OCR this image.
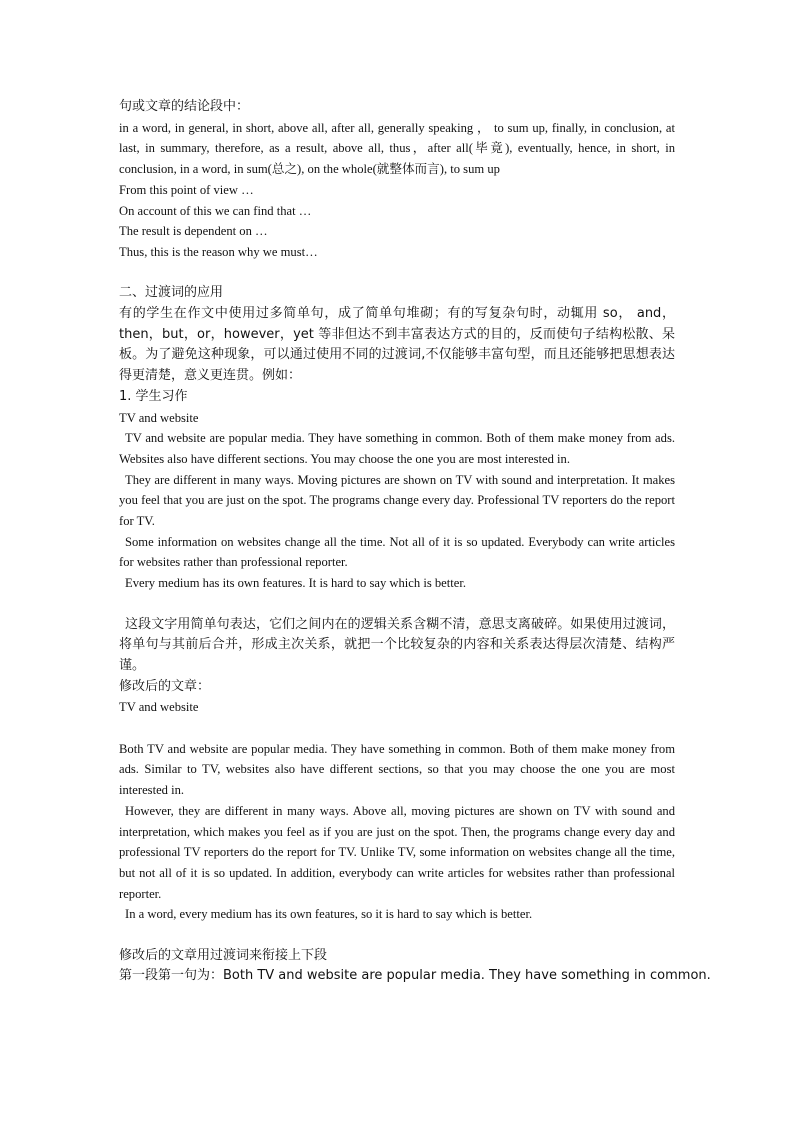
句或文章的结论段中：

in a word, in general, in short, above all, after all, generally speaking ， to sum up, finally, in conclusion, at last, in summary, therefore, as a result, above all, thus，after all(毕竟), eventually, hence, in short, in conclusion, in a word, in sum(总之), on the whole(就整体而言), to sum up

From this point of view …

On account of this we can find that …

The result is dependent on …

Thus, this is the reason why we must…

二、过渡词的应用

有的学生在作文中使用过多简单句，成了简单句堆砌；有的写复杂句时，动辄用 so， and，then，but，or，however，yet 等非但达不到丰富表达方式的目的，反而使句子结构松散、呆板。为了避免这种现象，可以通过使用不同的过渡词,不仅能够丰富句型，而且还能够把思想表达得更清楚，意义更连贯。例如：

1. 学生习作

TV and website

TV and website are popular media. They have something in common. Both of them make money from ads. Websites also have different sections. You may choose the one you are most interested in.

They are different in many ways. Moving pictures are shown on TV with sound and interpretation. It makes you feel that you are just on the spot. The programs change every day. Professional TV reporters do the report for TV.

Some information on websites change all the time. Not all of it is so updated. Everybody can write articles for websites rather than professional reporter.

Every medium has its own features. It is hard to say which is better.

这段文字用简单句表达，它们之间内在的逻辑关系含糊不清，意思支离破碎。如果使用过渡词，将单句与其前后合并，形成主次关系，就把一个比较复杂的内容和关系表达得层次清楚、结构严谨。

修改后的文章：

TV and website

Both TV and website are popular media. They have something in common. Both of them make money from ads. Similar to TV, websites also have different sections, so that you may choose the one you are most interested in.

However, they are different in many ways. Above all, moving pictures are shown on TV with sound and interpretation, which makes you feel as if you are just on the spot. Then, the programs change every day and professional TV reporters do the report for TV. Unlike TV, some information on websites change all the time, but not all of it is so updated. In addition, everybody can write articles for websites rather than professional reporter.

In a word, every medium has its own features, so it is hard to say which is better.

修改后的文章用过渡词来衔接上下段

第一段第一句为：Both TV and website are popular media. They have something in common.
